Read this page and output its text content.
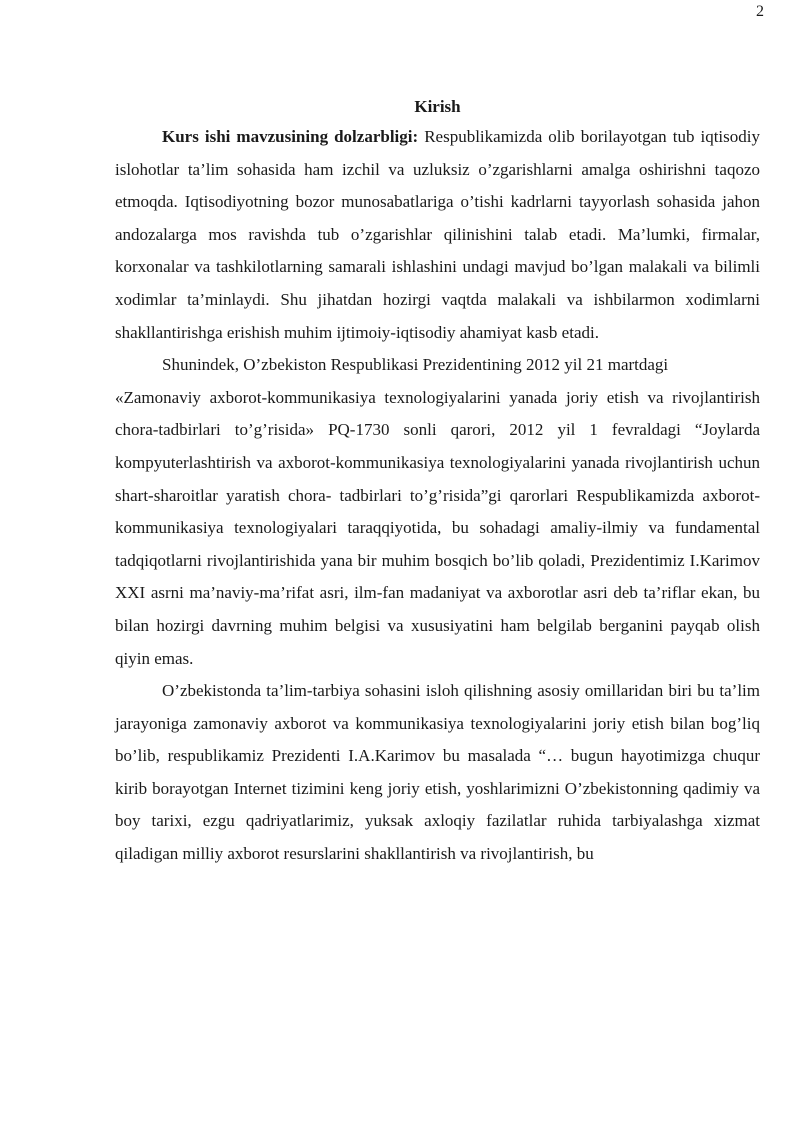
2
Kirish

Kurs ishi mavzusining dolzarbligi: Respublikamizda olib borilayotgan tub iqtisodiy islohotlar ta’lim sohasida ham izchil va uzluksiz o’zgarishlarni amalga oshirishni taqozo etmoqda. Iqtisodiyotning bozor munosabatlariga o’tishi kadrlarni tayyorlash sohasida jahon andozalarga mos ravishda tub o’zgarishlar qilinishini talab etadi. Ma’lumki, firmalar, korxonalar va tashkilotlarning samarali ishlashini undagi mavjud bo’lgan malakali va bilimli xodimlar ta’minlaydi. Shu jihatdan hozirgi vaqtda malakali va ishbilarmon xodimlarni shakllantirishga erishish muhim ijtimoiy-iqtisodiy ahamiyat kasb etadi.

Shunindek, O’zbekiston Respublikasi Prezidentining 2012 yil 21 martdagi

«Zamonaviy axborot-kommunikasiya texnologiyalarini yanada joriy etish va rivojlantirish chora-tadbirlari to’g’risida» PQ-1730 sonli qarori, 2012 yil 1 fevraldagi “Joylarda kompyuterlashtirish va axborot-kommunikasiya texnologiyalarini yanada rivojlantirish uchun shart-sharoitlar yaratish chora- tadbirlari to’g’risida”gi qarorlari Respublikamizda axborot-kommunikasiya texnologiyalari taraqqiyotida, bu sohadagi amaliy-ilmiy va fundamental tadqiqotlarni rivojlantirishida yana bir muhim bosqich bo’lib qoladi, Prezidentimiz I.Karimov XXI asrni ma’naviy-ma’rifat asri, ilm-fan madaniyat va axborotlar asri deb ta’riflar ekan, bu bilan hozirgi davrning muhim belgisi va xususiyatini ham belgilab berganini payqab olish qiyin emas.

O’zbekistonda ta’lim-tarbiya sohasini isloh qilishning asosiy omillaridan biri bu ta’lim jarayoniga zamonaviy axborot va kommunikasiya texnologiyalarini joriy etish bilan bog’liq bo’lib, respublikamiz Prezidenti I.A.Karimov bu masalada “… bugun hayotimizga chuqur kirib borayotgan Internet tizimini keng joriy etish, yoshlarimizni O’zbekistonning qadimiy va boy tarixi, ezgu qadriyatlarimiz, yuksak axloqiy fazilatlar ruhida tarbiyalashga xizmat qiladigan milliy axborot resurslarini shakllantirish va rivojlantirish, bu
